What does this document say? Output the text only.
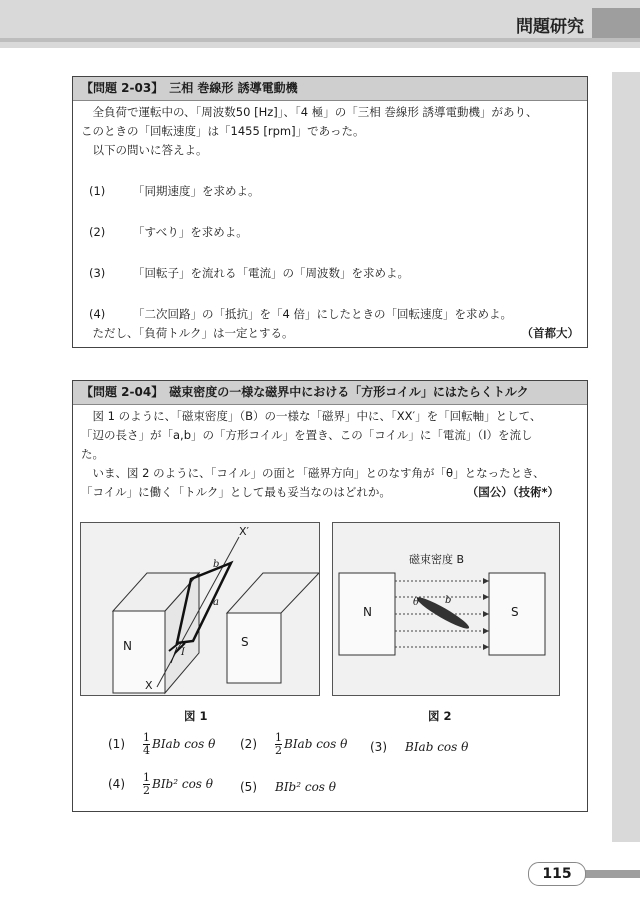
問題研究
【問題 2-03】　三相 巻線形 誘導電動機
全負荷で運転中の、「周波数50 [Hz]」、「4 極」の「三相 巻線形 誘導電動機」があり、
このときの「回転速度」は「1455 [rpm]」であった。
以下の問いに答えよ。
(1) 「同期速度」を求めよ。
(2) 「すべり」を求めよ。
(3) 「回転子」を流れる「電流」の「周波数」を求めよ。
(4) 「二次回路」の「抵抗」を「4 倍」にしたときの「回転速度」を求めよ。
ただし、「負荷トルク」は一定とする。	（首都大）
【問題 2-04】　磁束密度の一様な磁界中における「方形コイル」にはたらくトルク
図 1 のように、「磁束密度」（B）の一様な「磁界」中に、「XX′」を「回転軸」として、
「辺の長さ」が「a,b」の「方形コイル」を置き、この「コイル」に「電流」（I）を流し
た。
いま、図 2 のように、「コイル」の面と「磁界方向」とのなす角が「θ」となったとき、
「コイル」に働く「トルク」として最も妥当なのはどれか。	（国公）（技術*）
N	S
X′
X
a
b
I
磁束密度 B
N	S
θ	b
図 1	図 2
$(1) \frac{1}{4}$ BIab cos θ $(2) \frac{1}{2}$ BIab cos θ (3) BIab cos θ
$(4) \frac{1}{2} BIb^2$ cos θ (5) BIb² cos θ
115
